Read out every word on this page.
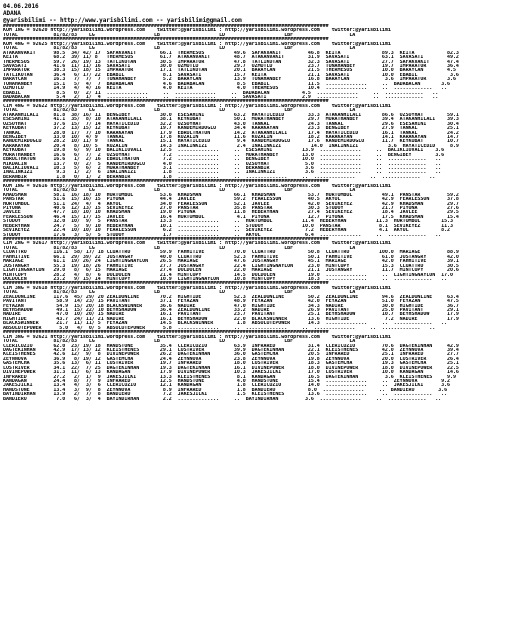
04.06.2016
ADANA
@yarisbilimi -- http://www.yarisbilimi.com -- yarisbilimi@gmail.com
##############################################################################################################
KUM 1NG = 92620 http://yarisbilimi.wordpress.com    twitter:@yarisbilimi : http://yarisbilimi.wordpress.com    twitter:@yarisbilimi
TOTAL            81/82/83    LG                    LB                    LD                    LBF                   LA
##############################################################################################################
KUM 4NG = 92625 http://yarisbilimi.wordpress.com    twitter:@yarisbilimi : http://yarisbilimi.wordpress.com    twitter:@yarisbilimi
TOTAL            81/82/83    LG                    LB                    LD                    LBF                   LA
ATAKANVAKIT      98.5  34/ 42/ 17  SAFAKVAKIT        66.1  THERMESOS          49.6  SAFAKVAKIT         46.8  KEITA              89.3  KEITA           82.3
KEITA            68.2  39/ 11/ 8   THERMESOS         61.7  ATAKANVAKIT        48.7  ATAKANVAKIT        31.9  SAVASATI           63.1  SAVASATI        49.2
THERMESOS        59.7  26/ 19/ 13  TATLIKOTAN        30.5  IMPARATOR          47.8  TATLIKOTAN         32.3  SAVASATI           27.7  SAFAKVAKIT      47.4
SAVASATI         41.6  11/ 11/ 16  SAVASATI          30.0  OZMUTLU            29.7  OZMUTLU            23.7  TUNAHANBEY         19.7  IMPARATOR       36.4
IMPARATOR        38.3  15/ 18/ 15  IMPARATOR         17.1  TATLIKOTAN         20.1  BARAYCAN           21.5  THERMESOS          10.0  BARAYCAN        4.5
TATLIKOTAN       36.4   6/ 17/ 22  EBABIL             8.1  SAVASATI           15.7  KEITA              21.1  SAVASATI           10.0  EBABIL           3.6
BARAYCAN         16.3   7/  7/  7  TUNAHANBEY         5.2  BARAYCAN           13.9  TUNAHANBEY         16.8  BARAYCAN            3.6  IMPARATOR       3.6
TUNAHANBEY       15.1   5/  4/  7  BADABACAN          4.6  BADABACAN           8.5  EBABIL             11.5  ..............     ..  BADABACAN       3.6
OZMUTLU          14.9   4/  4/ 16  KEITA              4.0  KEITA               4.0  THERMESOS          10.4  ..............     ..  .............   ..
EBABIL            8.5   0/  2/ 11  ..............     ..  ..............     ..  BADABACAN           4.5  ..............     ..  .............   ..
BADABACAN         5.4   2/  1/  4  ..............     ..  ..............     ..  SAVASATI            2.9  ..............     ..  .............   ..
##############################################################################################################
CIM 4NG = 92622 http://yarisbilimi.wordpress.com    twitter:@yarisbilimi : http://yarisbilimi.wordpress.com    twitter:@yarisbilimi
TOTAL            81/82/83    LG                    LB                    LD                    LBF                   LA
ATAKANHILALI     81.8  38/ 16/ 11  BENGIBEY          30.0  ESESAHINI          63.2  HAYATICEDID        33.3  ATAKANHILALI       86.6  OZSOYHAT        59.1
ESESAHINI        41.1  35/  8/ 10  ATAKANHILALI      38.1  KEYKUBAT           50.1  MURATHANBEY        29.7  MURATHANBEY        39.4  ATAKANHILALI    39.3
OZSOYHAT         37.6  15/  7/ 14  HAYATICEDID       32.2  OZSOYHAT           43.0  TANKAL             24.3  TANKAL             29.6  ESESAHINI       30.4
KEYKUBAT         37.2  13/ 15/ 12  KEYKUBAT          19.7  KANDEMIRDOGLU      34.4  KARAKAYAN          23.3  BENGIBEY           27.9  TANKAL          25.1
TANKAL           28.0  17/  7/ 10  KARAKAYAN         17.9  EBRULTHATUN        14.2  ATAKANHILALI       17.4  HAYATICEDID        16.1  TANKAL          24.2
BENGIBEY         33.0  10/  4/ 9   TANKAL            17.8  KOZALIN            11.6  KOZALIN            18.2  KARAKAYAN          14.1  KARAKAYAN       14.7
KANDEMIRDOGLU    28.2  10/ 11/ 9   TANKAL            15.1  HAYATICEDID         9.4  KANDEMIRDOGLU      17.6  KANDEMIRDOGLU      11.7  KEYKUBAT        10.7
KARAKAYAN        20.4   8/ 10/ 5   KOZALIN           14.3  INALINKIZI          2.4  INALINKIZI          14.0  INALINKIZI          3.6  HAYATICEDID     8.9
KEYKUBAT         19.8   6/  9/ 10  BALIKLIOVALI      12.5  ..............     ..  ESESAHINI          13.9  ..............     ..  BALIKLIOVALI    3.6
MURATHANBEY      16.6   6/  7/  2  OZSOYHAT           7.2  ..............     ..  MURATHANBEY        13.0  ..............     ..  BENGIBEY        3.6
EBRULTHATUN      16.6   1/  2/ 16  EBRULTHATUN        7.2  ..............     ..  BENGIBEY           10.0  ..............     ..  .............   ..
MIKDALIN         13.7   0/  2/  5  KANDEMIRDOGLU      4.0  ..............     ..  OZSOYHAT            5.0  ..............     ..  .............   ..
BALIKLIOVALI     10.3   5/  6/  2  MURATHANBEY        3.1  ..............     ..  BERANBIR            3.6  ..............     ..  .............   ..
INALINKIZI        9.3   1/  2/  6  INALINKIZI         1.8  ..............     ..  INALINKIZI          3.6  ..............     ..  .............   ..
BERANBIR          1.8   0/  1/  2  BERANBIR           1.8  ..............     ..  ..............     ..  ..............     ..  .............   ..
##############################################################################################################
KUM 1NG = 92616 http://yarisbilimi.wordpress.com    twitter:@yarisbilimi : http://yarisbilimi.wordpress.com    twitter:@yarisbilimi
TOTAL            81/82/83    LG                    LB                    LD                    LBF                   LA
KHADSMAN         58.1  16/ 18/ 10  HURTUMBUL         53.6  KHADSMAN           66.1  KHADSMAN           53.7  HURTUMBUL          49.1  PANSTAR         59.2
PANSTAR          51.6  15/ 16/ 15  PIYONA            44.4  JAVLEE             59.2  FEARLESSON         40.5  AKYOL              42.9  FEARLESSON      37.8
HURTUMBUL        51.1  24/  4/  4  AKYOL             34.0  FEARLESSON         52.1  JAVLEE             42.0  SEVIKEYEZ          42.9  KHADSMAN        29.7
PIYONA           40.6  12/ 13/ 15  SEVIKEYEZ         27.0  PANSTAR            35.8  PANSTAR            30.3  STUDOY             21.7  PIYONA          27.6
JAVLEE           47.7  18/ 10/ 10  KHADSMAN          19.0  PIYONA             11.8  HEBERYHAN          27.4  SEVIKEYEZ          18.4  JAVLEE          29.5
FEARLESSON       46.4  15/ 17/ 15  JAVLEE            16.4  HURTUMBUL           4.1  PIYONA             12.7  PIYONA             17.5  KHADSMAN        15.4
STUDOY           32.0  10/  9/  5  PANSTAR           13.3  ..............     ..  HURTUMBUL          11.4  HEBERYHAN          11.3  HURTUMBUL       15.3
HEBERYHAN        24.7   5/  9/ 10  HEBERYHAN         10.1  ..............     ..  STUDOY             10.0  PANSTAR             8.1  SEVIKEYEZ       11.3
SEVIKEYEZ        22.4  10/ 10/ 10  FEARLESSON         6.2  ..............     ..  SEVIKEYEZ           7.2  HEBERYHAN           4.1  AKYOL           8.2
STUDOY           17.6   3/  5/  5  STUDOY             1.7  ..............     ..  AKYOL               6.4  ..............     ..  .............   ..
##############################################################################################################
CIM 2NG = 92617 http://yarisbilimi.wordpress.com    twitter:@yarisbilimi : http://yarisbilimi.wordpress.com    twitter:@yarisbilimi
TOTAL            81/82/83    LG                    LB                    LD                    LBF                   LA
CLOATTRO         116.1  58/ 17/ 18 CLOATTRO          59.9  FAHHITIVE          70.0  CLOATTRO           50.8  CLOATTRO          100.0  MARIAGE         88.9
FAHHITIVE        66.1  29/ 39/ 22  JUSTANGRY         40.0  CLOATTRO           52.3  FAHHITIVE          50.1  FAHHITIVE          61.0  JUSTANGRY       42.0
MARIAGE          61.1  19/ 26/ 24  LIGHTINGNAYLON    26.5  MARIAGE            47.6  JUSTANGRY          45.1  MARIAGE            42.0  FAHHITIVE       39.1
JUSTANGRY        55.3  19/ 18/ 26  FAHHITIVE         27.7  JUSTANGRY          22.4  LIGHTINGNAYLON     23.0  MINTCOPY           15.3  CLOATTRO        30.5
LIGHTINGNAYLON   29.0   8/  6/ 15  MARIAGE           27.4  DOLDOLEN           22.0  MARIAGE            21.1  JUSTANGRY          11.7  MINTCOPY        20.6
MINTCOPY         28.2   4/  8/  6  DOLDOLEN          21.4  MINTCOPY           14.5  DOLDOLEN           19.0  ..............     ..  LIGHTINGNAYLON  17.0
DOLDOLEN         23.2   9/ 15/ 14  MINTCOPY          10.9  LIGHTINGNAYLON     10.8  MINTCOPY           18.3  ..............     ..  .............   ..
##############################################################################################################
CIM 3NG = 92618 http://yarisbilimi.wordpress.com    twitter:@yarisbilimi : http://yarisbilimi.wordpress.com    twitter:@yarisbilimi
TOTAL            81/82/83    LG                    LB                    LD                    LBF                   LA
ZEALDUNLINE      117.6  45/ 29/ 20 ZEALDUNLINE       70.2  HIGHTIDE           52.3  ZEALDUNLINE        50.2  ZEALDUNLINE        94.6  ZEALDUNLINE     63.4
PAVITANT          58.9  14/ 23/ 15 PAVITANT          37.1  FEYAZAN            48.9  FEYAZAN            42.0  FEYAZAN            51.0  FEYAZAN         47.5
FEYAZAN           54.9  15/ 20/ 18 BLACKSWINNER      36.6  NADIRE             47.0  HIGHTIDE           34.3  NADIRE             30.0  HIGHTIDE        36.7
BEYHSHADOW        49.1  15/ 22/ 10 BEYHSHADOW        36.4  ZEALDUNLINE        33.2  NADIRE             26.9  PAVITANT           25.0  PAVITANT        29.1
NADIRE            47.0  10/ 20/ 15 NADIRE            16.1  PAVITANT           23.7  PAVITANT           25.1  BEYHSHADOW         10.7  BEYHSHADOW      17.9
HIGHTIDE          43.7  24/ 11/ 21 NADIRE            16.1  BEYHSHADOW         22.0  BLACKSWINNER       13.6  HIGHTIDE            7.2  NADIRE          17.9
BLACKSWINNER      21.7  11/ 11/ 5  FEYAZAN           14.5  BLACKSWINNER        1.8  ABSOLUTEPOWER      14.3  ..............     ..  .............   ..
ABSOLUTEPOWER      5.0   4/  0/ 5  ABSOLUTEPOWER      5.8  ..............     ..  ..............     ..  ..............     ..  .............   ..
##############################################################################################################
CIM 3NG = 92621 http://yarisbilimi.wordpress.com    twitter:@yarisbilimi : http://yarisbilimi.wordpress.com    twitter:@yarisbilimi
TOTAL            81/82/83    LG                    LB                    LD                    LBF                   LA
CLERICUZIO       62.0  23/ 19/ 18  HANDSTONE         35.4  CLERICUZIO         63.9  INFRARED           31.4  CLERICUZIO         70.6  DAGTEKINHAN     42.9
DAGTEKINHAN      42.9  17/ 13/ 12  KLEISTHENES       29.1  LOSTRIVER          39.9  DAGTEKINHAN        22.1  KLEISTHENES        42.0  ZEYNNOVA        39.4
KLEISTHENES      42.6  12/  9/  8  DIVINEPOWER       26.2  DAGTEKINHAN        36.0  GASTEMCHA          20.5  INFRARED           25.1  INFRARED        27.7
ZEYNNOVA         36.9   8/ 19/ 12  GASTEMCHA         24.4  ZEYNNOVA           23.8  ZEYNNOVA           19.8  ZEYNNOVA           20.0  LOSTRIVER       26.4
GASTEMCHA        35.6  13/  6/ 11  LOSTRIVER         19.7  INFRARED           18.0  LOSTRIVER          18.3  GASTEMCHA          19.3  GASTEMCHA       25.1
LOSTRIVER        34.1  22/  7/ 25  DAGTEKINHAN       19.3  DAGTEKINHAN        16.1  DIVINEPOWER        18.0  DIVINEPOWER        18.0  DIVINEPOWER     22.5
DIVINEPOWER      31.3  11/  6/ 13  KANDAGAN          17.9  DIVINEPOWER        10.3  JAKESJILKI         17.0  LOSTRIVER          10.0  KANDAGAN        14.6
INFRARED         27.2   2/  1/  9  JAKESJILKI        13.3  KLEISTHENES         8.1  KANDAGAN           16.5  DAGTEKINHAN         3.6  KLEISTHENES     9.9
KANDAGAN         24.4   8/  7/  9  INFRARED          12.5  HANDSTONE           4.0  HANDSTONE          15.4  ..............     ..  ZEYNNOVA        9.2
JAKESJILKI       13.4   4/  3/  6  CLERICUZIO        12.1  KANDAGAN            1.8  CLERICUZIO         14.0  ..............     ..  JAKESJILKI      3.6
HANDSTONE        13.4   3/  9/  8  ZEYNNOVA           8.9  INFRARED            1.8  BANDIERO           8.0  ..............     ..  BANDIERO        3.6
BAYINDIRHAN      13.9   2/  7/  8  BANDIERO           7.2  JAKESJILKI          1.5  KLEISTHENES        13.6  ..............     ..  .............   ..
BANDIERO          7.0   6/  3/  4  BAYINDIRHAN        2.2  ..............     ..  BAYINDIRHAN         3.6  ..............     ..  .............   ..
